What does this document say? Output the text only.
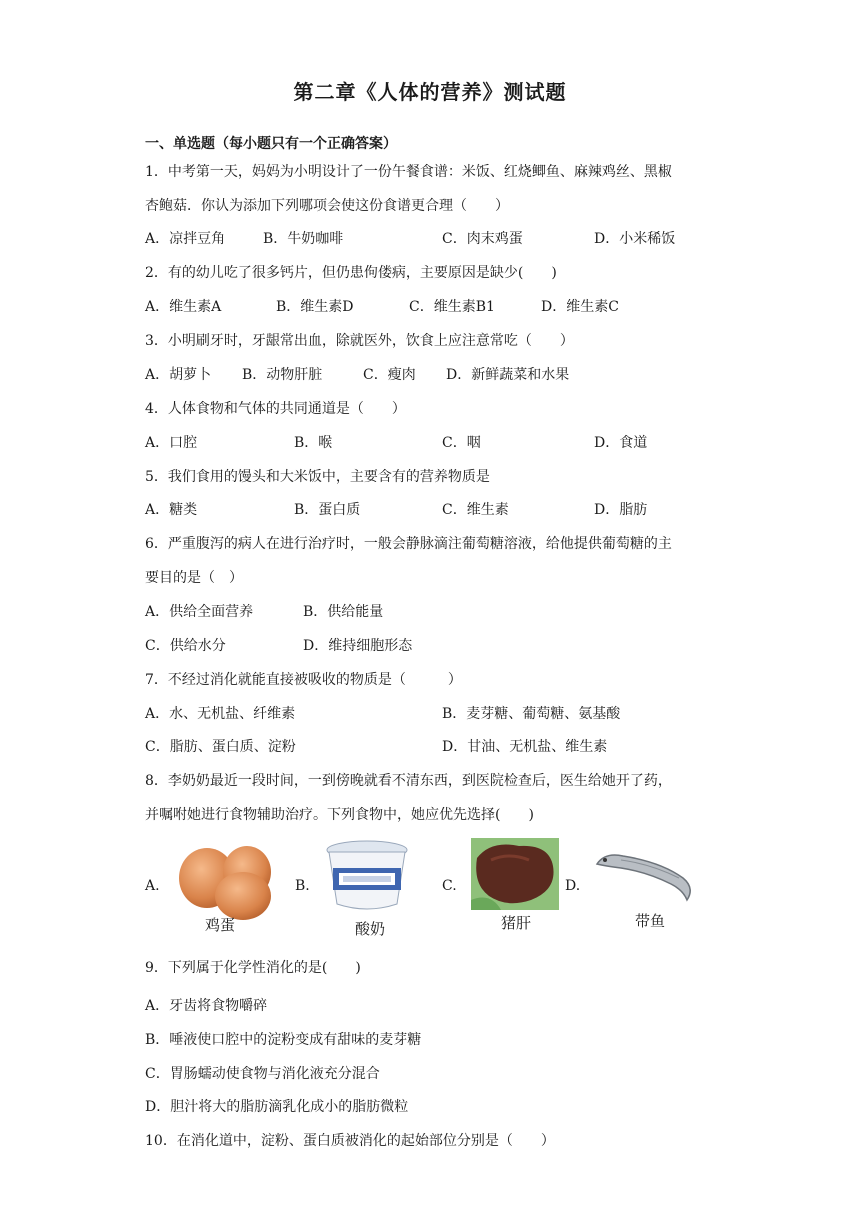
第二章《人体的营养》测试题
一、单选题（每小题只有一个正确答案）
1．中考第一天，妈妈为小明设计了一份午餐食谱：米饭、红烧鲫鱼、麻辣鸡丝、黑椒
杏鲍菇．你认为添加下列哪项会使这份食谱更合理（　　）
A．凉拌豆角	B．牛奶咖啡	C．肉末鸡蛋	D．小米稀饭
2．有的幼儿吃了很多钙片，但仍患佝偻病，主要原因是缺少(　　)
A．维生素A	B．维生素D	C．维生素B1	D．维生素C
3．小明刷牙时，牙龈常出血，除就医外，饮食上应注意常吃（　　）
A．胡萝卜 B．动物肝脏	C．瘦肉 D．新鲜蔬菜和水果
4．人体食物和气体的共同通道是（　　）
A．口腔	B．喉	C．咽	D．食道
5．我们食用的馒头和大米饭中，主要含有的营养物质是
A．糖类	B．蛋白质	C．维生素	D．脂肪
6．严重腹泻的病人在进行治疗时，一般会静脉滴注葡萄糖溶液，给他提供葡萄糖的主
要目的是（　）
A．供给全面营养	B．供给能量
C．供给水分	D．维持细胞形态
7．不经过消化就能直接被吸收的物质是（　　　）
A．水、无机盐、纤维素	B．麦芽糖、葡萄糖、氨基酸
C．脂肪、蛋白质、淀粉	D．甘油、无机盐、维生素
8．李奶奶最近一段时间，一到傍晚就看不清东西，到医院检查后，医生给她开了药，
并嘱咐她进行食物辅助治疗。下列食物中，她应优先选择(　　)
A.
鸡蛋
B.
酸奶
C.
猪肝
D.
带鱼
9．下列属于化学性消化的是(　　)
A．牙齿将食物嚼碎
B．唾液使口腔中的淀粉变成有甜味的麦芽糖
C．胃肠蠕动使食物与消化液充分混合
D．胆汁将大的脂肪滴乳化成小的脂肪微粒
10．在消化道中，淀粉、蛋白质被消化的起始部位分别是（　　）
